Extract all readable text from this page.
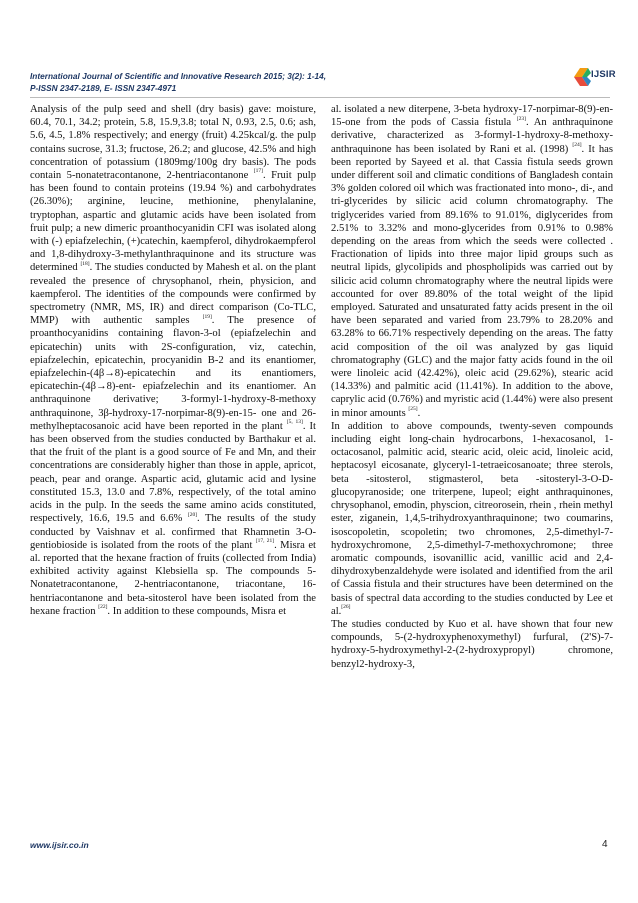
International Journal of Scientific and Innovative Research 2015; 3(2): 1-14,
P-ISSN 2347-2189, E- ISSN 2347-4971
IJSIR

Analysis of the pulp seed and shell (dry basis) gave: moisture, 60.4, 70.1, 34.2; protein, 5.8, 15.9,3.8; total N, 0.93, 2.5, 0.6; ash, 5.6, 4.5, 1.8% respectively; and energy (fruit) 4.25kcal/g. the pulp contains sucrose, 31.3; fructose, 26.2; and glucose, 42.5% and high concentration of potassium (1809mg/100g dry basis). The pods contain 5-nonatetracontanone, 2-hentriacontanone [17]. Fruit pulp has been found to contain proteins (19.94 %) and carbohydrates (26.30%); arginine, leucine, methionine, phenylalanine, tryptophan, aspartic and glutamic acids have been isolated from fruit pulp; a new dimeric proanthocyanidin CFI was isolated along with (-) epiafzelechin, (+)catechin, kaempferol, dihydrokaempferol and 1,8-dihydroxy-3-methylanthraquinone and its structure was determined [18]. The studies conducted by Mahesh et al. on the plant revealed the presence of chrysophanol, rhein, physicion, and kaempferol. The identities of the compounds were confirmed by spectrometry (NMR, MS, IR) and direct comparison (Co-TLC, MMP) with authentic samples [19]. The presence of proanthocyanidins containing flavon-3-ol (epiafzelechin and epicatechin) units with 2S-configuration, viz, catechin, epiafzelechin, epicatechin, procyanidin B-2 and its enantiomer, epiafzelechin-(4β→8)-epicatechin and its enantiomers, epicatechin-(4β→8)-ent- epiafzelechin and its enantiomer. An anthraquinone derivative; 3-formyl-1-hydroxy-8-methoxy anthraquinone, 3β-hydroxy-17-norpimar-8(9)-en-15- one and 26-methylheptacosanoic acid have been reported in the plant [5, 13]. It has been observed from the studies conducted by Barthakur et al. that the fruit of the plant is a good source of Fe and Mn, and their concentrations are considerably higher than those in apple, apricot, peach, pear and orange. Aspartic acid, glutamic acid and lysine constituted 15.3, 13.0 and 7.8%, respectively, of the total amino acids in the pulp. In the seeds the same amino acids constituted, respectively, 16.6, 19.5 and 6.6% [20]. The results of the study conducted by Vaishnav et al. confirmed that Rhamnetin 3-O-gentiobioside is isolated from the roots of the plant [17, 21]. Misra et al. reported that the hexane fraction of fruits (collected from India) exhibited activity against Klebsiella sp. The compounds 5-Nonatetracontanone, 2-hentriacontanone, triacontane, 16-hentriacontanone and beta-sitosterol have been isolated from the hexane fraction [22]. In addition to these compounds, Misra et

al. isolated a new diterpene, 3-beta hydroxy-17-norpimar-8(9)-en-15-one from the pods of Cassia fistula [23]. An anthraquinone derivative, characterized as 3-formyl-1-hydroxy-8-methoxy-anthraquinone has been isolated by Rani et al. (1998) [24]. It has been reported by Sayeed et al. that Cassia fistula seeds grown under different soil and climatic conditions of Bangladesh contain 3% golden colored oil which was fractionated into mono-, di-, and tri-glycerides by silicic acid column chromatography. The triglycerides varied from 89.16% to 91.01%, diglycerides from 2.51% to 3.32% and mono-glycerides from 0.91% to 0.98% depending on the areas from which the seeds were collected . Fractionation of lipids into three major lipid groups such as neutral lipids, glycolipids and phospholipids was carried out by silicic acid column chromatography where the neutral lipids were accounted for over 89.80% of the total weight of the lipid employed. Saturated and unsaturated fatty acids present in the oil have been separated and varied from 23.79% to 28.20% and 63.28% to 66.71% respectively depending on the areas. The fatty acid composition of the oil was analyzed by gas liquid chromatography (GLC) and the major fatty acids found in the oil were linoleic acid (42.42%), oleic acid (29.62%), stearic acid (14.33%) and palmitic acid (11.41%). In addition to the above, caprylic acid (0.76%) and myristic acid (1.44%) were also present in minor amounts [25].

In addition to above compounds, twenty-seven compounds including eight long-chain hydrocarbons, 1-hexacosanol, 1-octacosanol, palmitic acid, stearic acid, oleic acid, linoleic acid, heptacosyl eicosanate, glyceryl-1-tetraeicosanoate; three sterols, beta -sitosterol, stigmasterol, beta -sitosteryl-3-O-D-glucopyranoside; one triterpene, lupeol; eight anthraquinones, chrysophanol, emodin, physcion, citreorosein, rhein , rhein methyl ester, ziganein, 1,4,5-trihydroxyanthraquinone; two coumarins, isoscopoletin, scopoletin; two chromones, 2,5-dimethyl-7-hydroxychromone, 2,5-dimethyl-7-methoxychromone; three aromatic compounds, isovanillic acid, vanillic acid and 2,4-dihydroxybenzaldehyde were isolated and identified from the aril of Cassia fistula and their structures have been determined on the basis of spectral data according to the studies conducted by Lee et al.[26]

The studies conducted by Kuo et al. have shown that four new compounds, 5-(2-hydroxyphenoxymethyl) furfural, (2'S)-7-hydroxy-5-hydroxymethyl-2-(2-hydroxypropyl) chromone, benzyl2-hydroxy-3,

www.ijsir.co.in	4
